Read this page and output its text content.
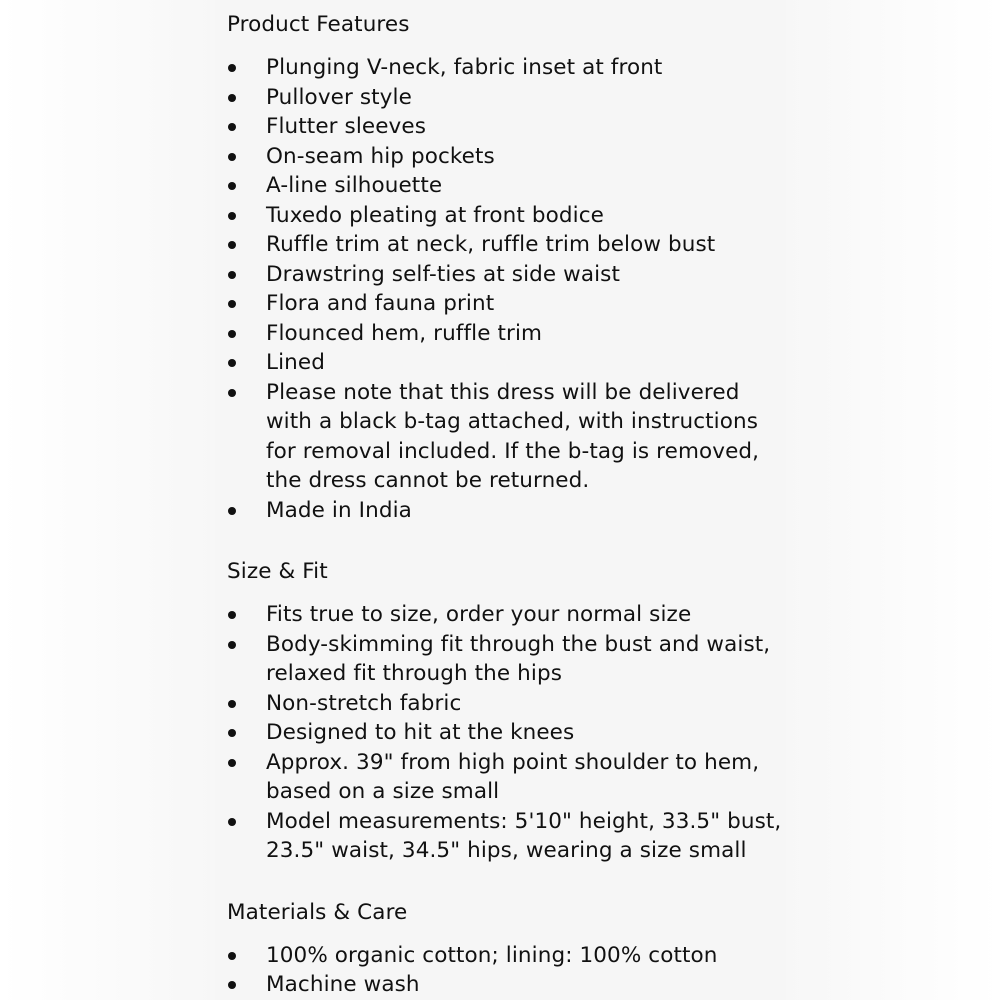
Product Features
Plunging V-neck, fabric inset at front
Pullover style
Flutter sleeves
On-seam hip pockets
A-line silhouette
Tuxedo pleating at front bodice
Ruffle trim at neck, ruffle trim below bust
Drawstring self-ties at side waist
Flora and fauna print
Flounced hem, ruffle trim
Lined
Please note that this dress will be delivered with a black b-tag attached, with instructions for removal included. If the b-tag is removed, the dress cannot be returned.
Made in India
Size & Fit
Fits true to size, order your normal size
Body-skimming fit through the bust and waist, relaxed fit through the hips
Non-stretch fabric
Designed to hit at the knees
Approx. 39" from high point shoulder to hem, based on a size small
Model measurements: 5'10" height, 33.5" bust, 23.5" waist, 34.5" hips, wearing a size small
Materials & Care
100% organic cotton; lining: 100% cotton
Machine wash
